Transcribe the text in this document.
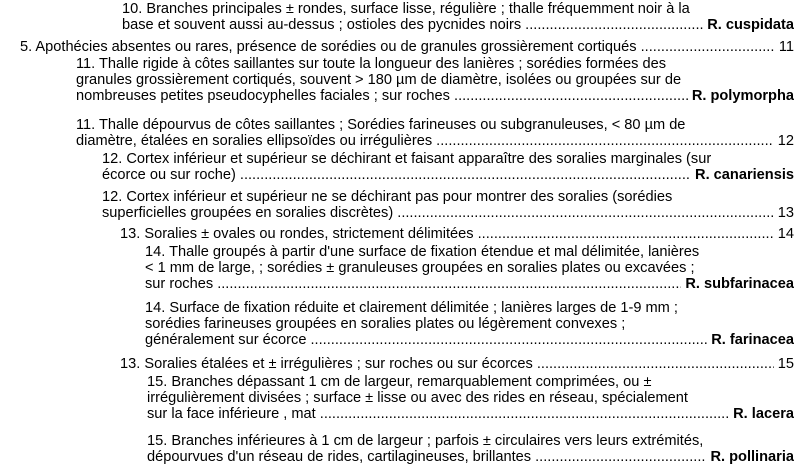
10. Branches principales ± rondes, surface lisse, régulière ; thalle fréquemment noir à la
base et souvent aussi au-dessus ; ostioles des pycnides noirs .....	R. cuspidata
5. Apothécies absentes ou rares, présence de sorédies ou de granules grossièrement cortiqués .....	11
11. Thalle rigide à côtes saillantes sur toute la longueur des lanières ; sorédies formées des
granules grossièrement cortiqués, souvent > 180 µm de diamètre, isolées ou groupées sur de
nombreuses petites pseudocyphelles faciales ; sur roches .....	R. polymorpha
11. Thalle dépourvus de côtes saillantes ; Sorédies farineuses ou subgranuleuses, < 80 µm de
diamètre, étalées en soralies ellipsoïdes ou irrégulières .....	12
12. Cortex inférieur et supérieur se déchirant et faisant apparaître des soralies marginales (sur
écorce ou sur roche) .....	R. canariensis
12. Cortex inférieur et supérieur ne se déchirant pas pour montrer des soralies (sorédies
superficielles groupées en soralies discrètes) .....	13
13. Soralies ± ovales ou rondes, strictement délimitées .....	14
14. Thalle groupés à partir d'une surface de fixation étendue et mal délimitée, lanières
< 1 mm de large, ; sorédies ± granuleuses groupées en soralies plates ou excavées ;
sur roches .....	R. subfarinacea
14. Surface de fixation réduite et clairement délimitée ; lanières larges de 1-9 mm ;
sorédies farineuses groupées en soralies plates ou légèrement convexes ;
généralement sur écorce .....	R. farinacea
13. Soralies étalées et ± irrégulières ; sur roches ou sur écorces .....	15
15. Branches dépassant 1 cm de largeur, remarquablement comprimées, ou ±
irrégulièrement divisées ; surface ± lisse ou avec des rides en réseau, spécialement
sur la face inférieure , mat .....	R. lacera
15. Branches inférieures à 1 cm de largeur ; parfois ± circulaires vers leurs extrémités,
dépourvues d'un réseau de rides, cartilagineuses, brillantes .....	R. pollinaria
